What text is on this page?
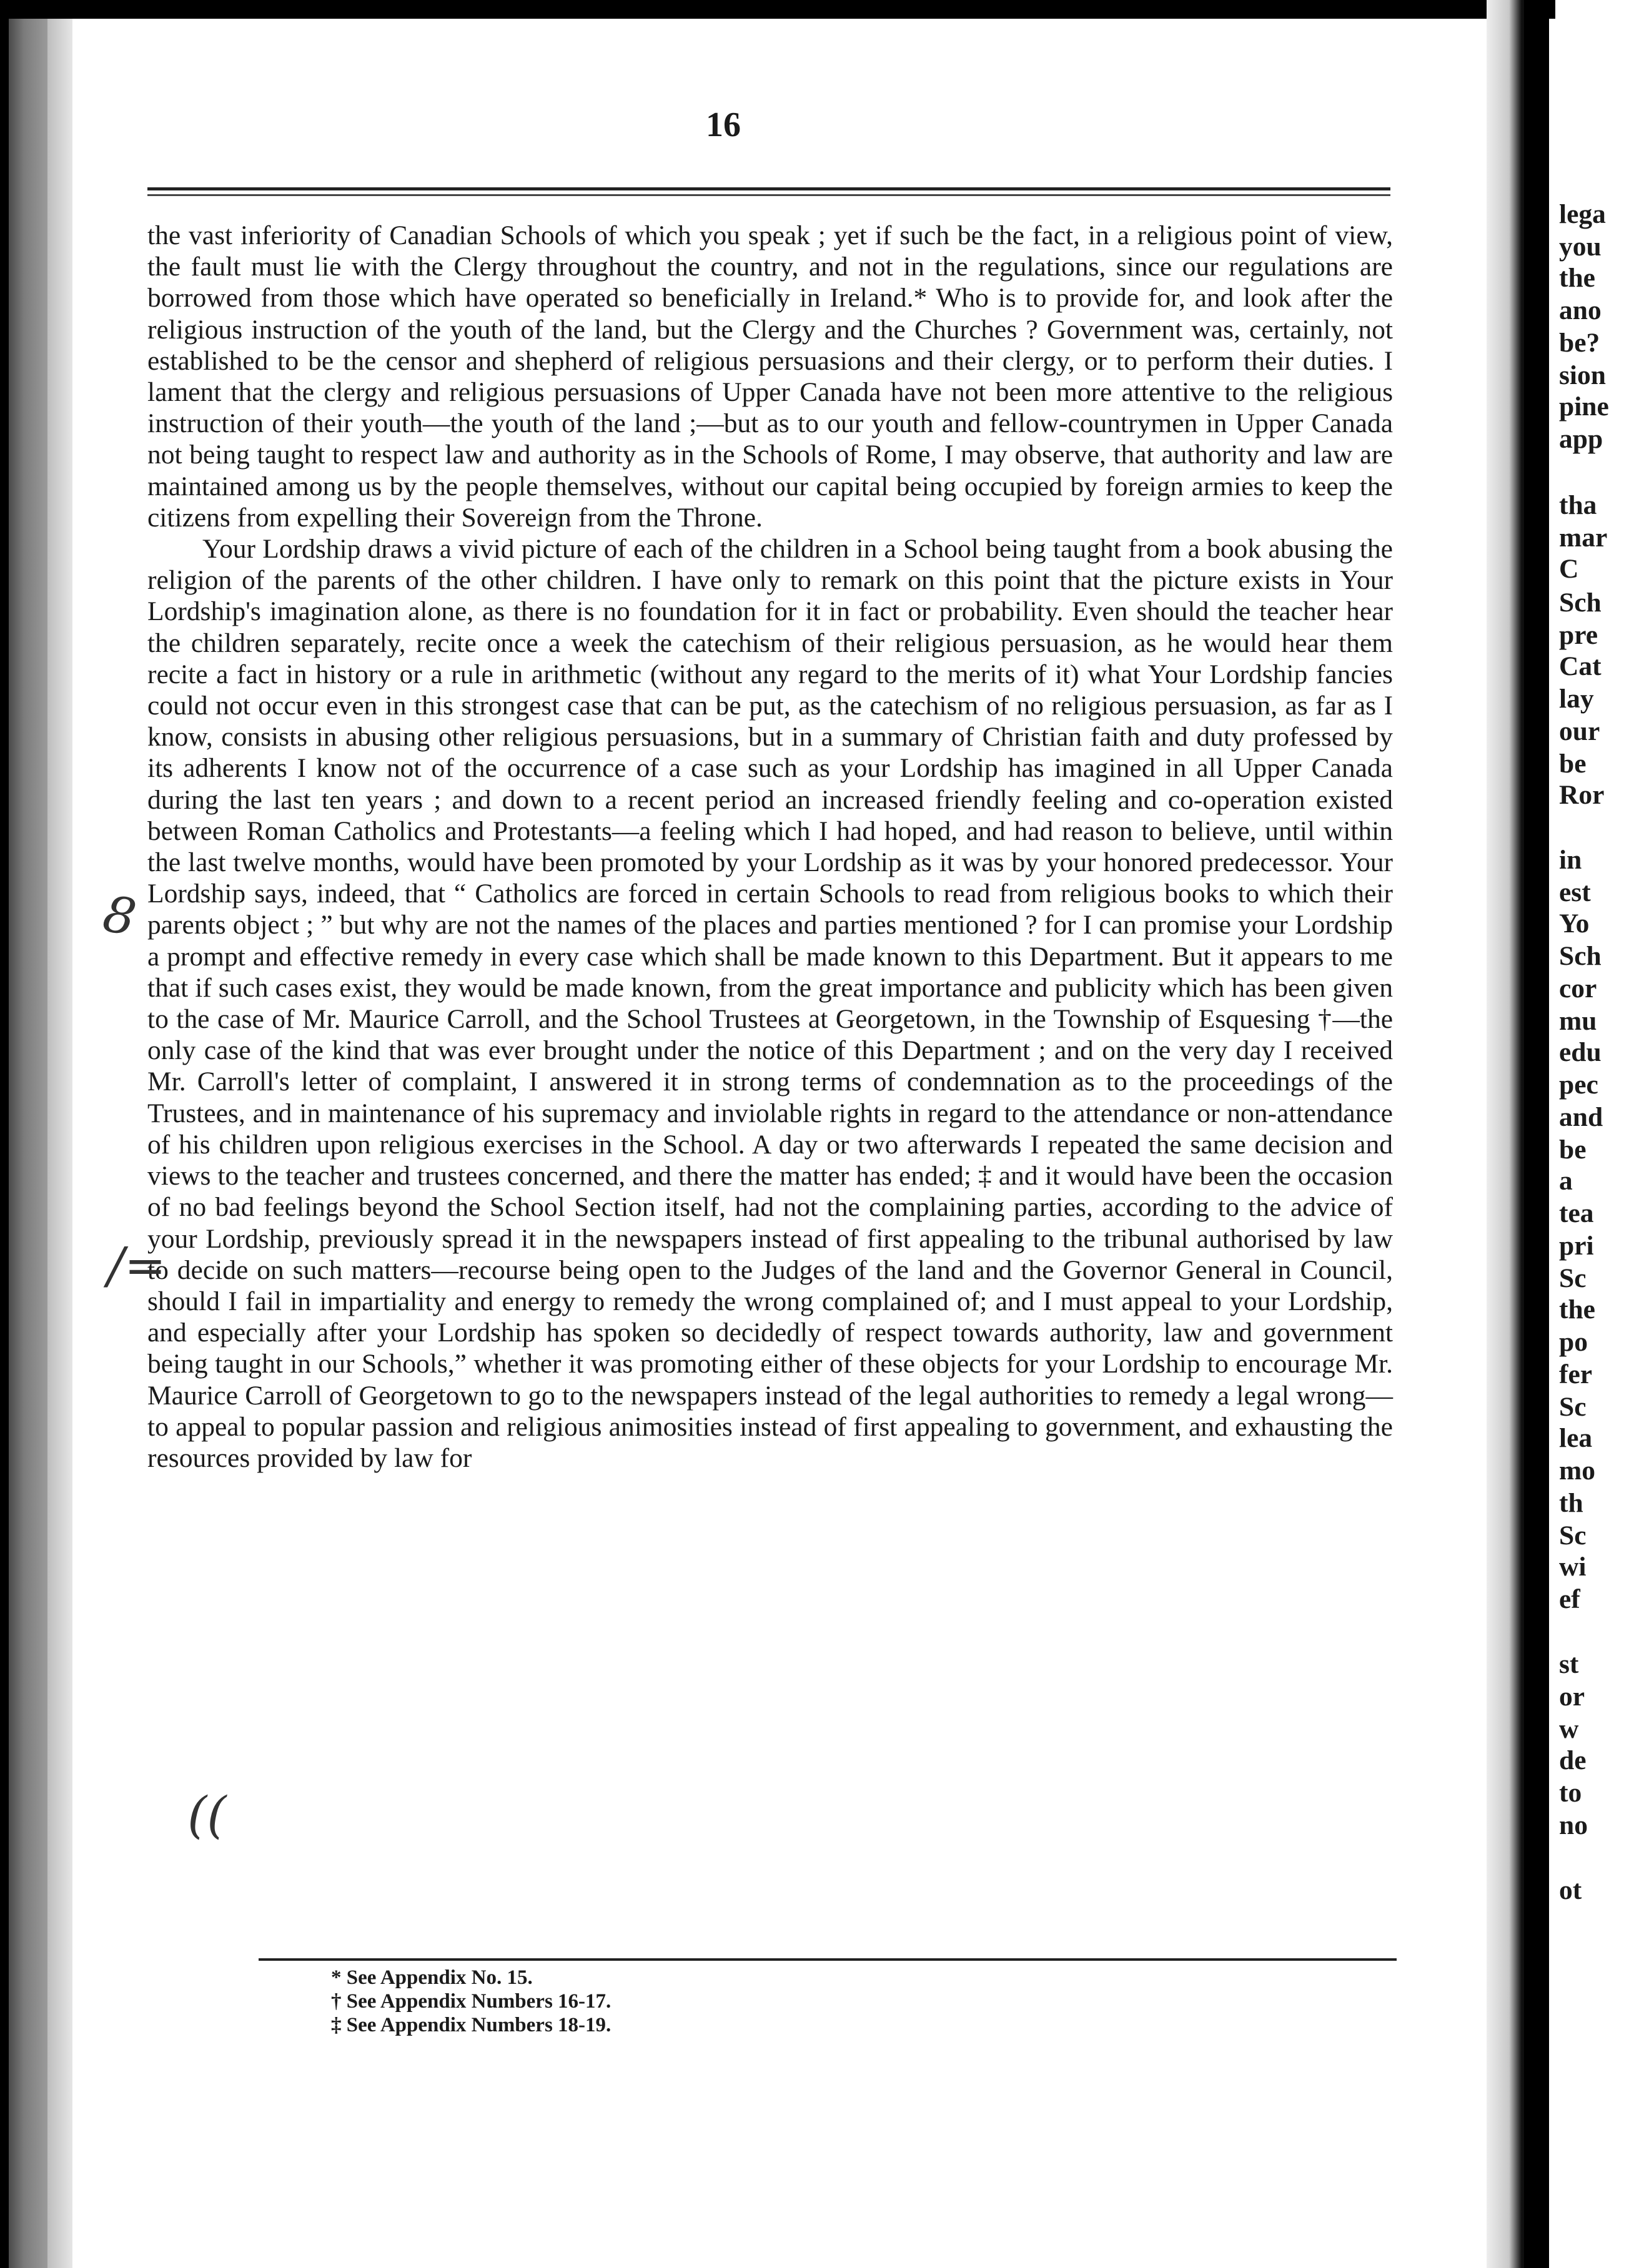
16

the vast inferiority of Canadian Schools of which you speak ; yet if such be the fact, in a religious point of view, the fault must lie with the Clergy throughout the country, and not in the regulations, since our regulations are borrowed from those which have operated so beneficially in Ireland.* Who is to provide for, and look after the religious instruction of the youth of the land, but the Clergy and the Churches ? Government was, certainly, not established to be the censor and shepherd of religious persuasions and their clergy, or to perform their duties. I lament that the clergy and religious persuasions of Upper Canada have not been more attentive to the religious instruction of their youth—the youth of the land ;—but as to our youth and fellow-countrymen in Upper Canada not being taught to respect law and authority as in the Schools of Rome, I may observe, that authority and law are maintained among us by the people themselves, without our capital being occupied by foreign armies to keep the citizens from expelling their Sovereign from the Throne.

Your Lordship draws a vivid picture of each of the children in a School being taught from a book abusing the religion of the parents of the other children. I have only to remark on this point that the picture exists in Your Lordship's imagination alone, as there is no foundation for it in fact or probability. Even should the teacher hear the children separately, recite once a week the catechism of their religious persuasion, as he would hear them recite a fact in history or a rule in arithmetic (without any regard to the merits of it) what Your Lordship fancies could not occur even in this strongest case that can be put, as the catechism of no religious persuasion, as far as I know, consists in abusing other religious persuasions, but in a summary of Christian faith and duty professed by its adherents I know not of the occurrence of a case such as your Lordship has imagined in all Upper Canada during the last ten years ; and down to a recent period an increased friendly feeling and co-operation existed between Roman Catholics and Protestants—a feeling which I had hoped, and had reason to believe, until within the last twelve months, would have been promoted by your Lordship as it was by your honored predecessor. Your Lordship says, indeed, that “ Catholics are forced in certain Schools to read from religious books to which their parents object ; ” but why are not the names of the places and parties mentioned ? for I can promise your Lordship a prompt and effective remedy in every case which shall be made known to this Department. But it appears to me that if such cases exist, they would be made known, from the great importance and publicity which has been given to the case of Mr. Maurice Carroll, and the School Trustees at Georgetown, in the Township of Esquesing †—the only case of the kind that was ever brought under the notice of this Department ; and on the very day I received Mr. Carroll's letter of complaint, I answered it in strong terms of condemnation as to the proceedings of the Trustees, and in maintenance of his supremacy and inviolable rights in regard to the attendance or non-attendance of his children upon religious exercises in the School. A day or two afterwards I repeated the same decision and views to the teacher and trustees concerned, and there the matter has ended; ‡ and it would have been the occasion of no bad feelings beyond the School Section itself, had not the complaining parties, according to the advice of your Lordship, previously spread it in the newspapers instead of first appealing to the tribunal authorised by law to decide on such matters—recourse being open to the Judges of the land and the Governor General in Council, should I fail in impartiality and energy to remedy the wrong complained of; and I must appeal to your Lordship, and especially after your Lordship has spoken so decidedly of respect towards authority, law and government being taught in our Schools,” whether it was promoting either of these objects for your Lordship to encourage Mr. Maurice Carroll of Georgetown to go to the newspapers instead of the legal authorities to remedy a legal wrong—to appeal to popular passion and religious animosities instead of first appealing to government, and exhausting the resources provided by law for

* See Appendix No. 15.
† See Appendix Numbers 16-17.
‡ See Appendix Numbers 18-19.
8
/=
((
lega
you
the
ano
be?
sion
pine
app
tha
mar
C
Sch
pre
Cat
lay
our
be
Ror
in
est
Yo
Sch
cor
mu
edu
pec
and
be
a
tea
pri
Sc
the
po
fer
Sc
lea
mo
th
Sc
wi
ef
st
or
w
de
to
no
ot
